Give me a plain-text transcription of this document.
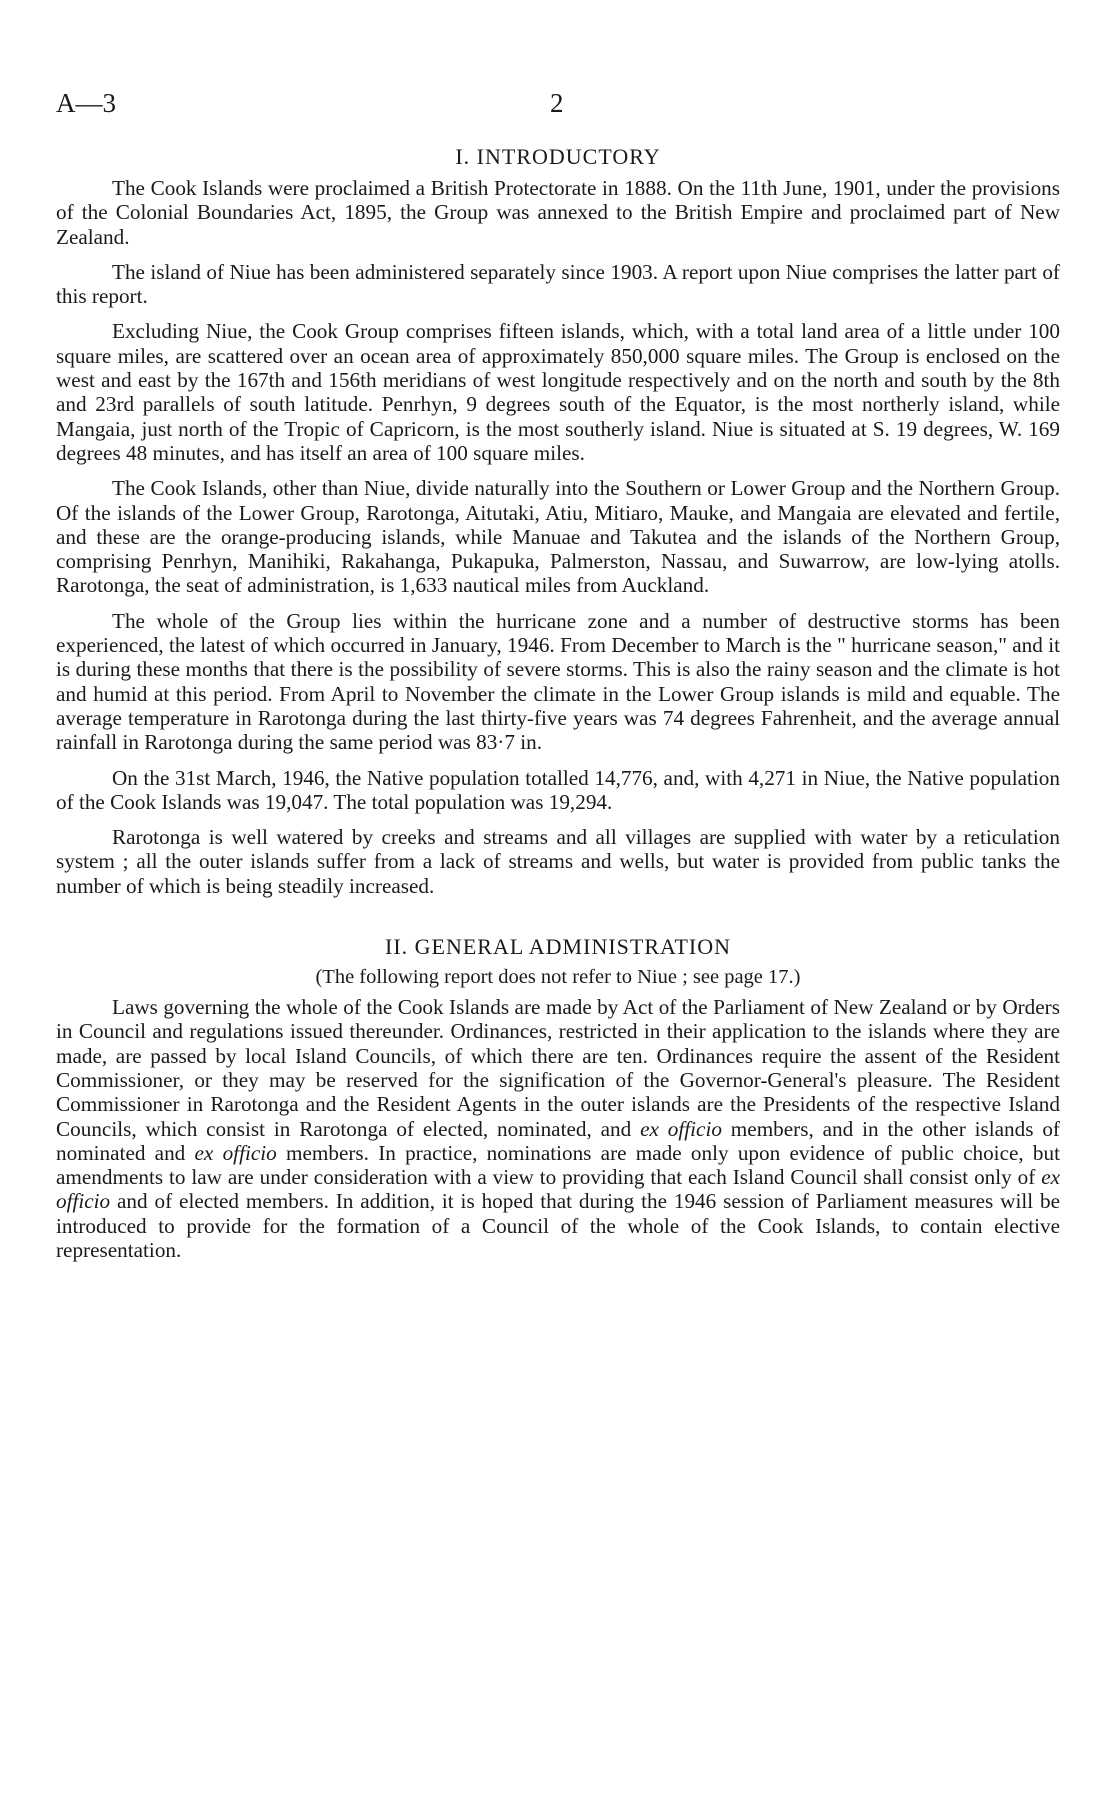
A—3	2
I. INTRODUCTORY

The Cook Islands were proclaimed a British Protectorate in 1888. On the 11th June, 1901, under the provisions of the Colonial Boundaries Act, 1895, the Group was annexed to the British Empire and proclaimed part of New Zealand.

The island of Niue has been administered separately since 1903. A report upon Niue comprises the latter part of this report.

Excluding Niue, the Cook Group comprises fifteen islands, which, with a total land area of a little under 100 square miles, are scattered over an ocean area of approximately 850,000 square miles. The Group is enclosed on the west and east by the 167th and 156th meridians of west longitude respectively and on the north and south by the 8th and 23rd parallels of south latitude. Penrhyn, 9 degrees south of the Equator, is the most northerly island, while Mangaia, just north of the Tropic of Capricorn, is the most southerly island. Niue is situated at S. 19 degrees, W. 169 degrees 48 minutes, and has itself an area of 100 square miles.

The Cook Islands, other than Niue, divide naturally into the Southern or Lower Group and the Northern Group. Of the islands of the Lower Group, Rarotonga, Aitutaki, Atiu, Mitiaro, Mauke, and Mangaia are elevated and fertile, and these are the orange-producing islands, while Manuae and Takutea and the islands of the Northern Group, comprising Penrhyn, Manihiki, Rakahanga, Pukapuka, Palmerston, Nassau, and Suwarrow, are low-lying atolls. Rarotonga, the seat of administration, is 1,633 nautical miles from Auckland.

The whole of the Group lies within the hurricane zone and a number of destructive storms has been experienced, the latest of which occurred in January, 1946. From December to March is the " hurricane season," and it is during these months that there is the possibility of severe storms. This is also the rainy season and the climate is hot and humid at this period. From April to November the climate in the Lower Group islands is mild and equable. The average temperature in Rarotonga during the last thirty-five years was 74 degrees Fahrenheit, and the average annual rainfall in Rarotonga during the same period was 83·7 in.

On the 31st March, 1946, the Native population totalled 14,776, and, with 4,271 in Niue, the Native population of the Cook Islands was 19,047. The total population was 19,294.

Rarotonga is well watered by creeks and streams and all villages are supplied with water by a reticulation system ; all the outer islands suffer from a lack of streams and wells, but water is provided from public tanks the number of which is being steadily increased.

II. GENERAL ADMINISTRATION
(The following report does not refer to Niue ; see page 17.)

Laws governing the whole of the Cook Islands are made by Act of the Parliament of New Zealand or by Orders in Council and regulations issued thereunder. Ordinances, restricted in their application to the islands where they are made, are passed by local Island Councils, of which there are ten. Ordinances require the assent of the Resident Commissioner, or they may be reserved for the signification of the Governor-General's pleasure. The Resident Commissioner in Rarotonga and the Resident Agents in the outer islands are the Presidents of the respective Island Councils, which consist in Rarotonga of elected, nominated, and ex officio members, and in the other islands of nominated and ex officio members. In practice, nominations are made only upon evidence of public choice, but amendments to law are under consideration with a view to providing that each Island Council shall consist only of ex officio and of elected members. In addition, it is hoped that during the 1946 session of Parliament measures will be introduced to provide for the formation of a Council of the whole of the Cook Islands, to contain elective representation.
